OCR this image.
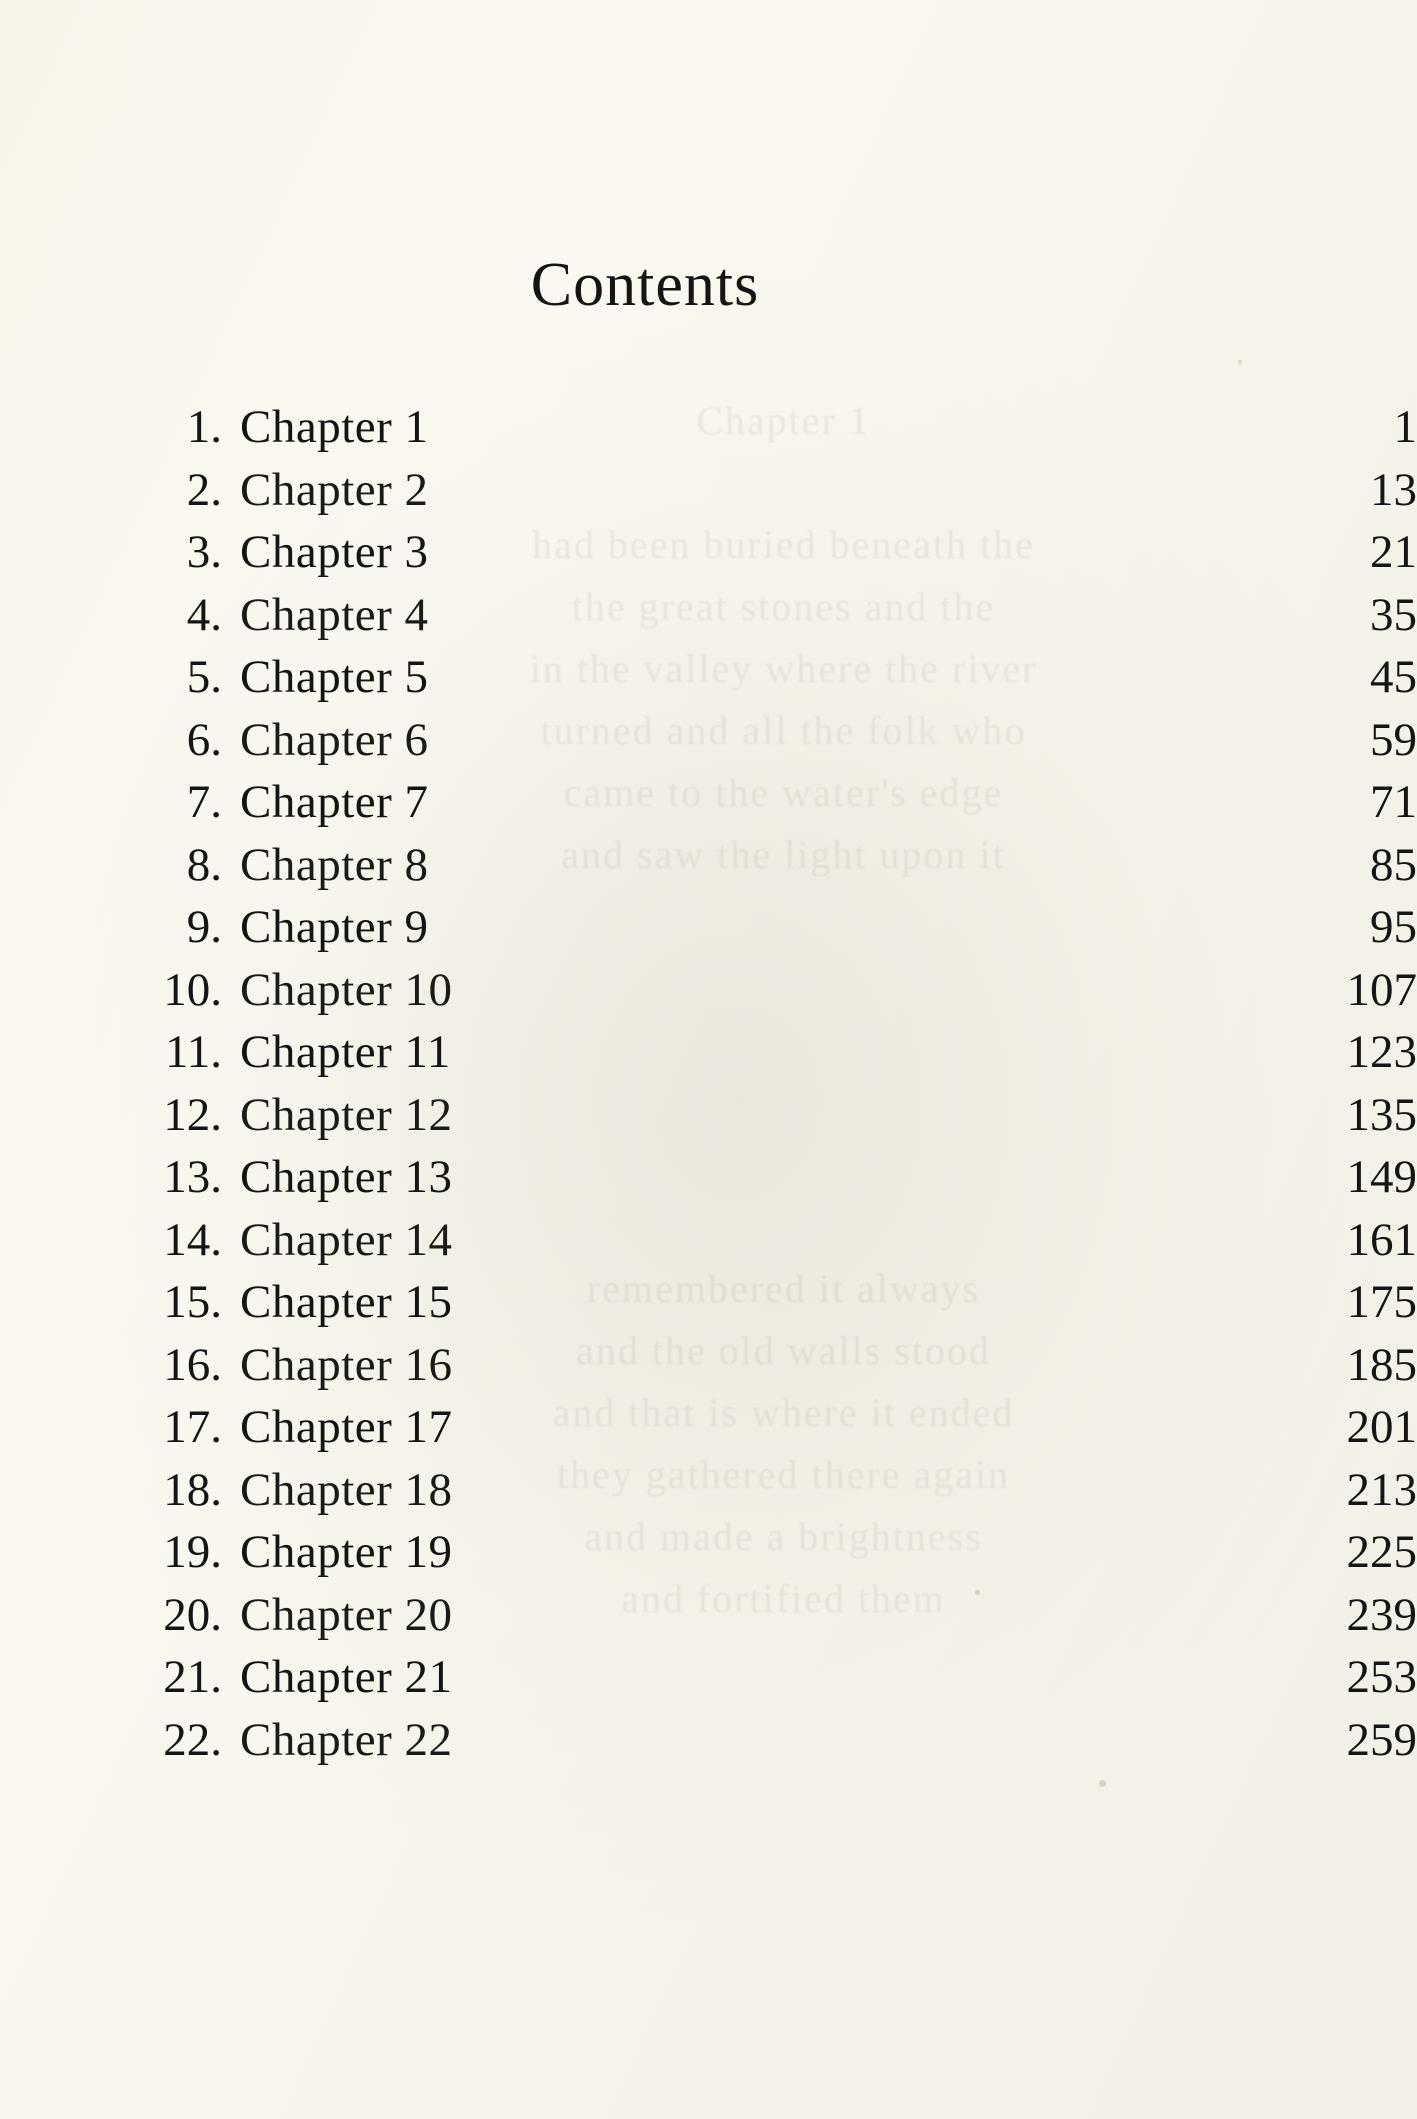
Chapter 1

had been buried beneath the
the great stones and the
in the valley where the river
turned and all the folk who
came to the water's edge
and saw the light upon it

remembered it always
and the old walls stood
and that is where it ended
they gathered there again
and made a brightness
and fortified them
Contents
1. Chapter 1	1
2. Chapter 2	13
3. Chapter 3	21
4. Chapter 4	35
5. Chapter 5	45
6. Chapter 6	59
7. Chapter 7	71
8. Chapter 8	85
9. Chapter 9	95
10. Chapter 10	107
11. Chapter 11	123
12. Chapter 12	135
13. Chapter 13	149
14. Chapter 14	161
15. Chapter 15	175
16. Chapter 16	185
17. Chapter 17	201
18. Chapter 18	213
19. Chapter 19	225
20. Chapter 20	239
21. Chapter 21	253
22. Chapter 22	259
